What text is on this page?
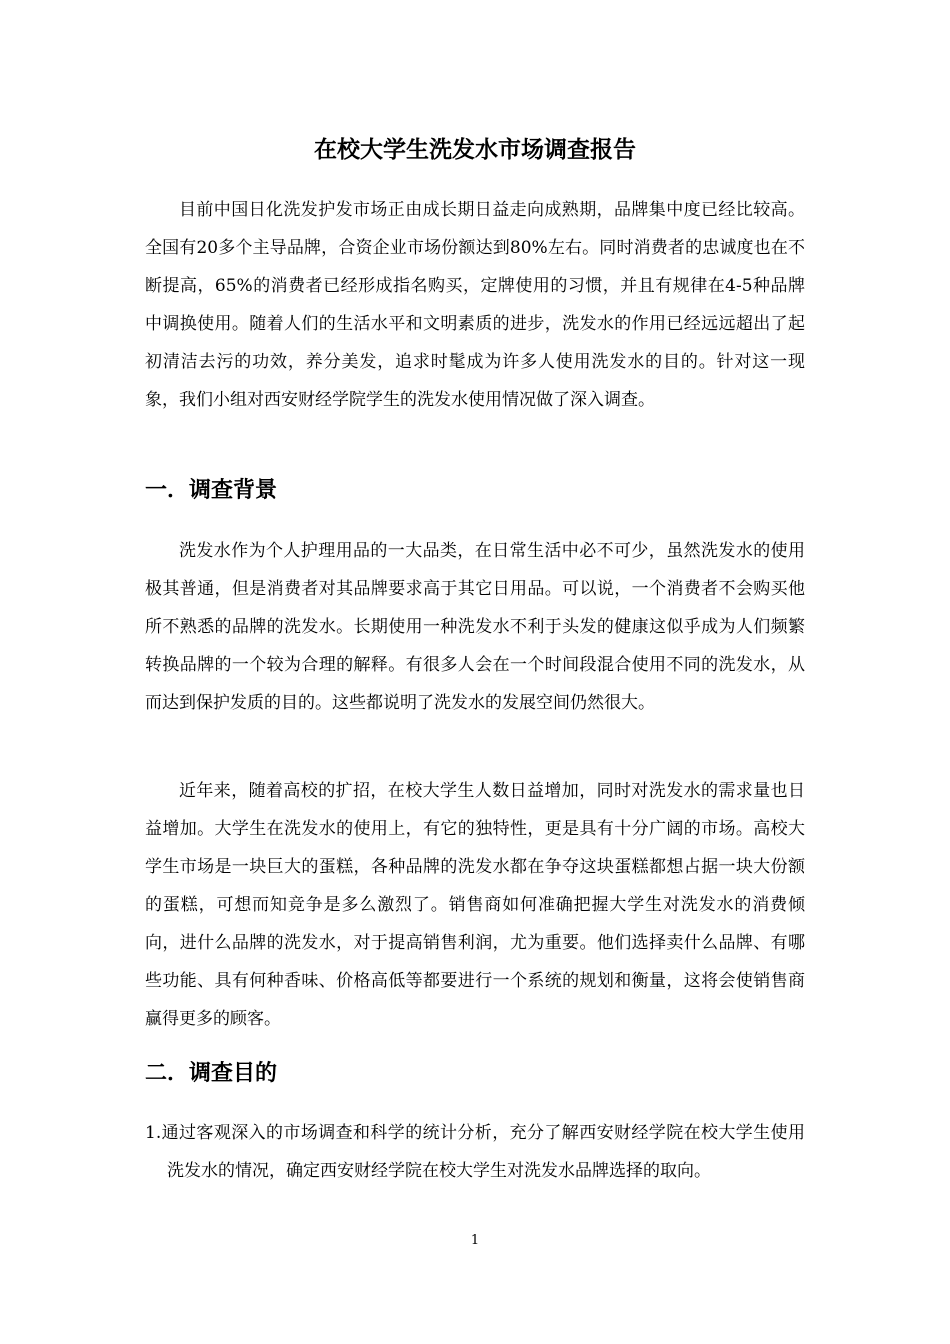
在校大学生洗发水市场调查报告

目前中国日化洗发护发市场正由成长期日益走向成熟期，品牌集中度已经比较高。全国有20多个主导品牌，合资企业市场份额达到80%左右。同时消费者的忠诚度也在不断提高，65%的消费者已经形成指名购买，定牌使用的习惯，并且有规律在4-5种品牌中调换使用。随着人们的生活水平和文明素质的进步，洗发水的作用已经远远超出了起初清洁去污的功效，养分美发，追求时髦成为许多人使用洗发水的目的。针对这一现象，我们小组对西安财经学院学生的洗发水使用情况做了深入调查。

一．调查背景

洗发水作为个人护理用品的一大品类，在日常生活中必不可少，虽然洗发水的使用极其普通，但是消费者对其品牌要求高于其它日用品。可以说，一个消费者不会购买他所不熟悉的品牌的洗发水。长期使用一种洗发水不利于头发的健康这似乎成为人们频繁转换品牌的一个较为合理的解释。有很多人会在一个时间段混合使用不同的洗发水，从而达到保护发质的目的。这些都说明了洗发水的发展空间仍然很大。

近年来，随着高校的扩招，在校大学生人数日益增加，同时对洗发水的需求量也日益增加。大学生在洗发水的使用上，有它的独特性，更是具有十分广阔的市场。高校大学生市场是一块巨大的蛋糕，各种品牌的洗发水都在争夺这块蛋糕都想占据一块大份额的蛋糕，可想而知竞争是多么激烈了。销售商如何准确把握大学生对洗发水的消费倾向，进什么品牌的洗发水，对于提高销售利润，尤为重要。他们选择卖什么品牌、有哪些功能、具有何种香味、价格高低等都要进行一个系统的规划和衡量，这将会使销售商赢得更多的顾客。

二．调查目的

1.通过客观深入的市场调查和科学的统计分析，充分了解西安财经学院在校大学生使用洗发水的情况，确定西安财经学院在校大学生对洗发水品牌选择的取向。

1
